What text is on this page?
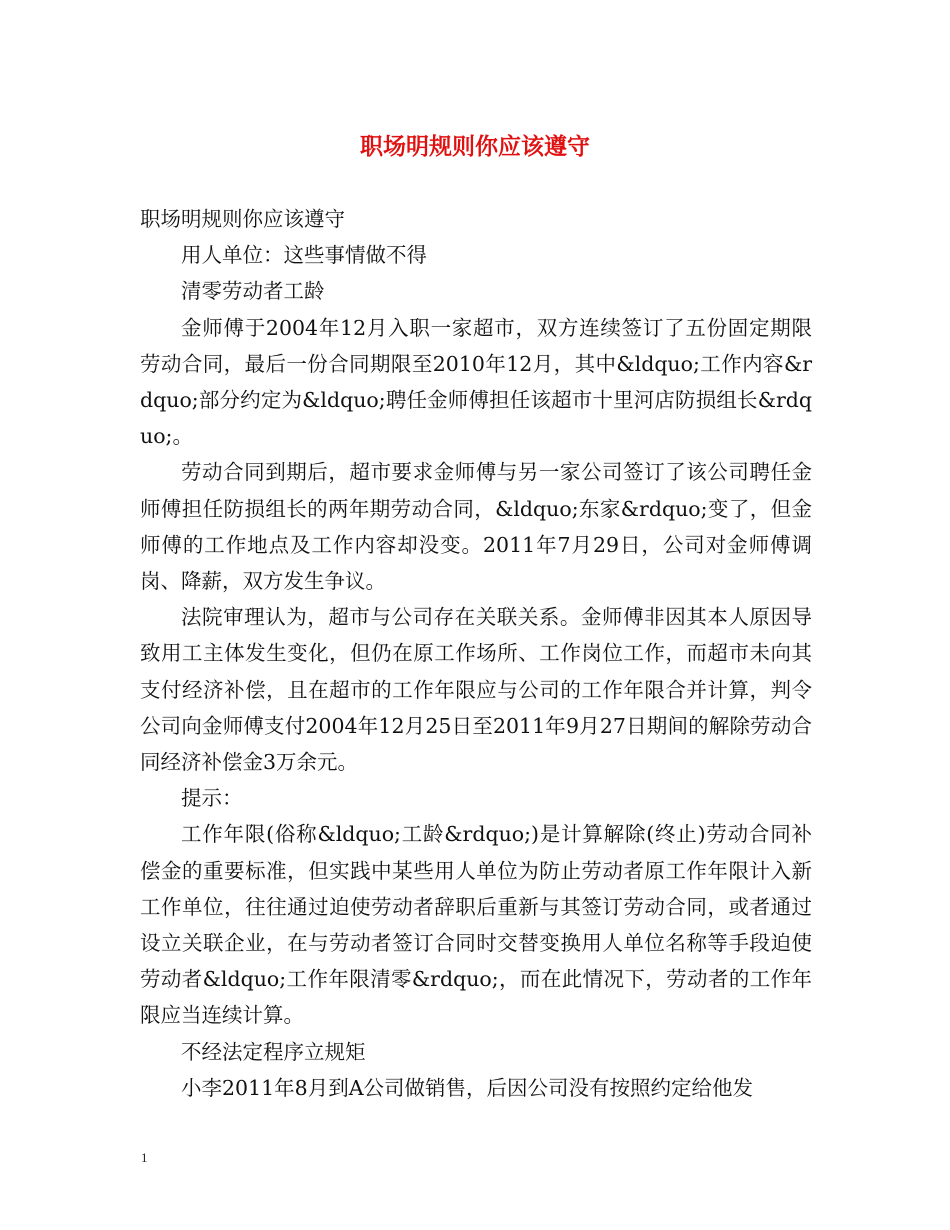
职场明规则你应该遵守

职场明规则你应该遵守

用人单位：这些事情做不得

清零劳动者工龄

金师傅于2004年12月入职一家超市，双方连续签订了五份固定期限劳动合同，最后一份合同期限至2010年12月，其中&ldquo;工作内容&rdquo;部分约定为&ldquo;聘任金师傅担任该超市十里河店防损组长&rdquo;。

劳动合同到期后，超市要求金师傅与另一家公司签订了该公司聘任金师傅担任防损组长的两年期劳动合同，&ldquo;东家&rdquo;变了，但金师傅的工作地点及工作内容却没变。2011年7月29日，公司对金师傅调岗、降薪，双方发生争议。

法院审理认为，超市与公司存在关联关系。金师傅非因其本人原因导致用工主体发生变化，但仍在原工作场所、工作岗位工作，而超市未向其支付经济补偿，且在超市的工作年限应与公司的工作年限合并计算，判令公司向金师傅支付2004年12月25日至2011年9月27日期间的解除劳动合同经济补偿金3万余元。

提示：

工作年限(俗称&ldquo;工龄&rdquo;)是计算解除(终止)劳动合同补偿金的重要标准，但实践中某些用人单位为防止劳动者原工作年限计入新工作单位，往往通过迫使劳动者辞职后重新与其签订劳动合同，或者通过设立关联企业，在与劳动者签订合同时交替变换用人单位名称等手段迫使劳动者&ldquo;工作年限清零&rdquo;，而在此情况下，劳动者的工作年限应当连续计算。

不经法定程序立规矩

小李2011年8月到A公司做销售，后因公司没有按照约定给他发

1
